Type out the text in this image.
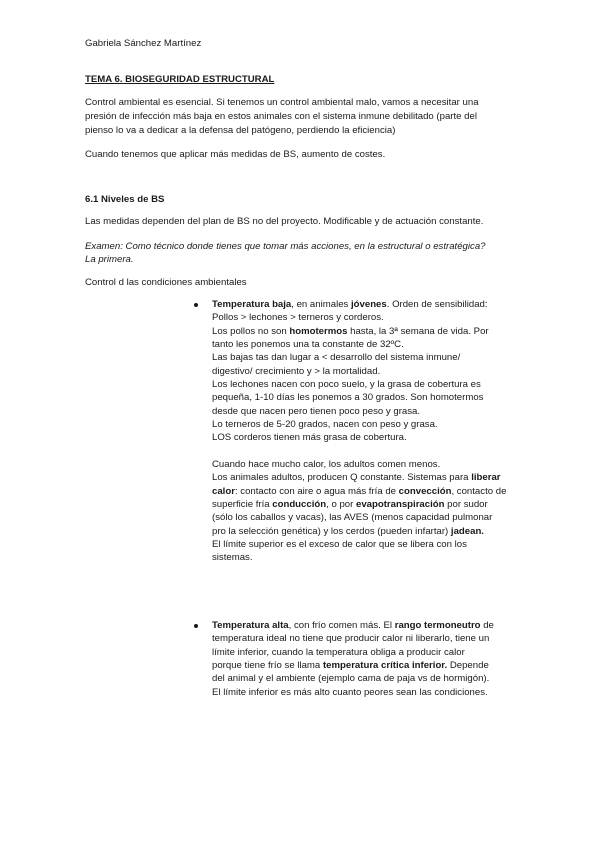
Gabriela Sánchez Martínez
TEMA 6. BIOSEGURIDAD ESTRUCTURAL
Control ambiental es esencial. Si tenemos un control ambiental malo, vamos a necesitar una
presión de infección más baja en estos animales con el sistema inmune debilitado (parte del
pienso lo va a dedicar a la defensa del patógeno, perdiendo la eficiencia)
Cuando tenemos que aplicar más medidas de BS, aumento de costes.
6.1 Niveles de BS
Las medidas dependen del plan de BS no del proyecto. Modificable y de actuación constante.
Examen: Como técnico donde tienes que tomar más acciones, en la estructural o estratégica?
La primera.
Control d las condiciones ambientales
Temperatura baja, en animales jóvenes. Orden de sensibilidad:
Pollos > lechones > terneros y corderos.
Los pollos no son homotermos hasta, la 3ª semana de vida. Por
tanto les ponemos una ta constante de 32ºC.
Las bajas tas dan lugar a < desarrollo del sistema inmune/
digestivo/ crecimiento y > la mortalidad.
Los lechones nacen con poco suelo, y la grasa de cobertura es
pequeña, 1-10 días les ponemos a 30 grados. Son homotermos
desde que nacen pero tienen poco peso y grasa.
Lo terneros de 5-20 grados, nacen con peso y grasa.
LOS corderos tienen más grasa de cobertura.
Cuando hace mucho calor, los adultos comen menos.
Los animales adultos, producen Q constante. Sistemas para liberar
calor: contacto con aire o agua más fría de convección, contacto de
superficie fría conducción, o por evapotranspiración por sudor
(sólo los caballos y vacas), las AVES (menos capacidad pulmonar
pro la selección genética) y los cerdos (pueden infartar) jadean.
El límite superior es el exceso de calor que se libera con los
sistemas.
Temperatura alta, con frío comen más. El rango termoneutro de
temperatura ideal no tiene que producir calor ni liberarlo, tiene un
límite inferior, cuando la temperatura obliga a producir calor
porque tiene frío se llama temperatura crítica inferior. Depende
del animal y el ambiente (ejemplo cama de paja vs de hormigón).
El límite inferior es más alto cuanto peores sean las condiciones.
